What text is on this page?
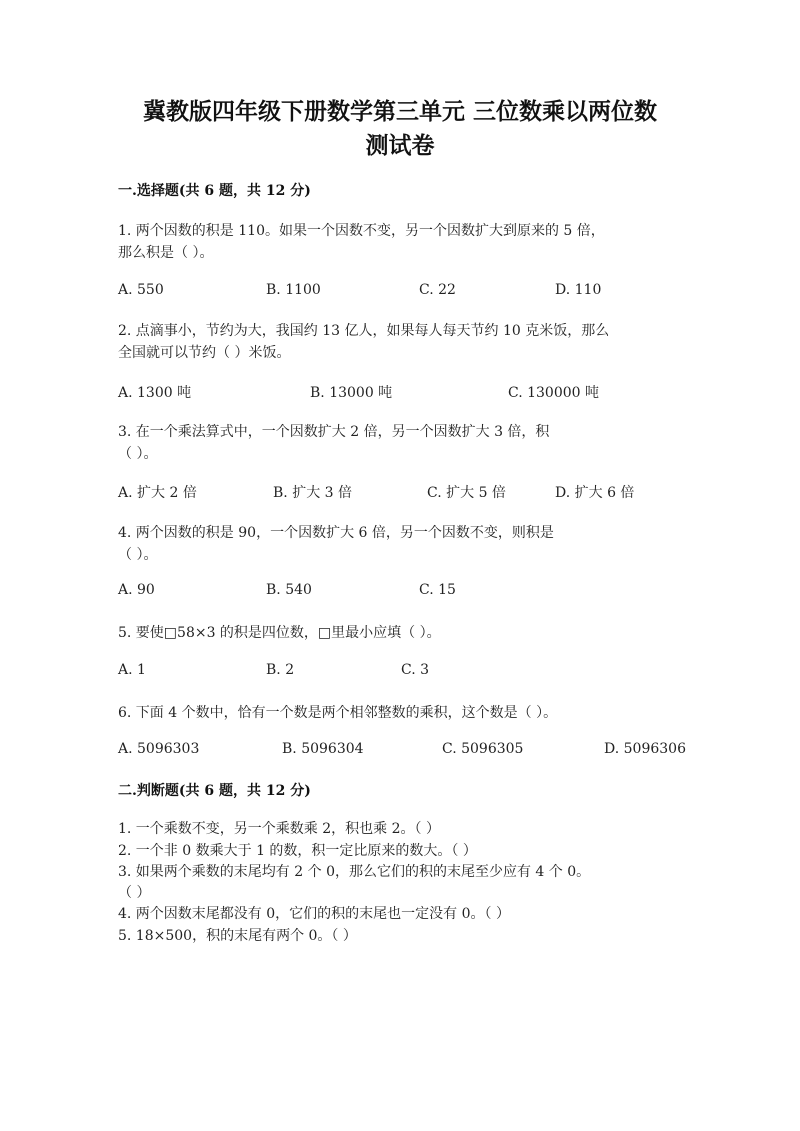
冀教版四年级下册数学第三单元 三位数乘以两位数
测试卷
一.选择题(共 6 题，共 12 分)
1. 两个因数的积是 110。如果一个因数不变，另一个因数扩大到原来的 5 倍，
那么积是（ ）。
A. 550	B. 1100	C. 22	D. 110
2. 点滴事小，节约为大，我国约 13 亿人，如果每人每天节约 10 克米饭，那么
全国就可以节约（ ）米饭。
A. 1300 吨	B. 13000 吨	C. 130000 吨
3. 在一个乘法算式中，一个因数扩大 2 倍，另一个因数扩大 3 倍，积
（ ）。
A. 扩大 2 倍	B. 扩大 3 倍	C. 扩大 5 倍	D. 扩大 6 倍
4. 两个因数的积是 90，一个因数扩大 6 倍，另一个因数不变，则积是
（ ）。
A. 90	B. 540	C. 15
5. 要使□58×3 的积是四位数，□里最小应填（ ）。
A. 1	B. 2	C. 3
6. 下面 4 个数中，恰有一个数是两个相邻整数的乘积，这个数是（ ）。
A. 5096303	B. 5096304	C. 5096305	D. 5096306
二.判断题(共 6 题，共 12 分)
1. 一个乘数不变，另一个乘数乘 2，积也乘 2。（ ）
2. 一个非 0 数乘大于 1 的数，积一定比原来的数大。（ ）
3. 如果两个乘数的末尾均有 2 个 0，那么它们的积的末尾至少应有 4 个 0。
（ ）
4. 两个因数末尾都没有 0，它们的积的末尾也一定没有 0。（ ）
5. 18×500，积的末尾有两个 0。（ ）
